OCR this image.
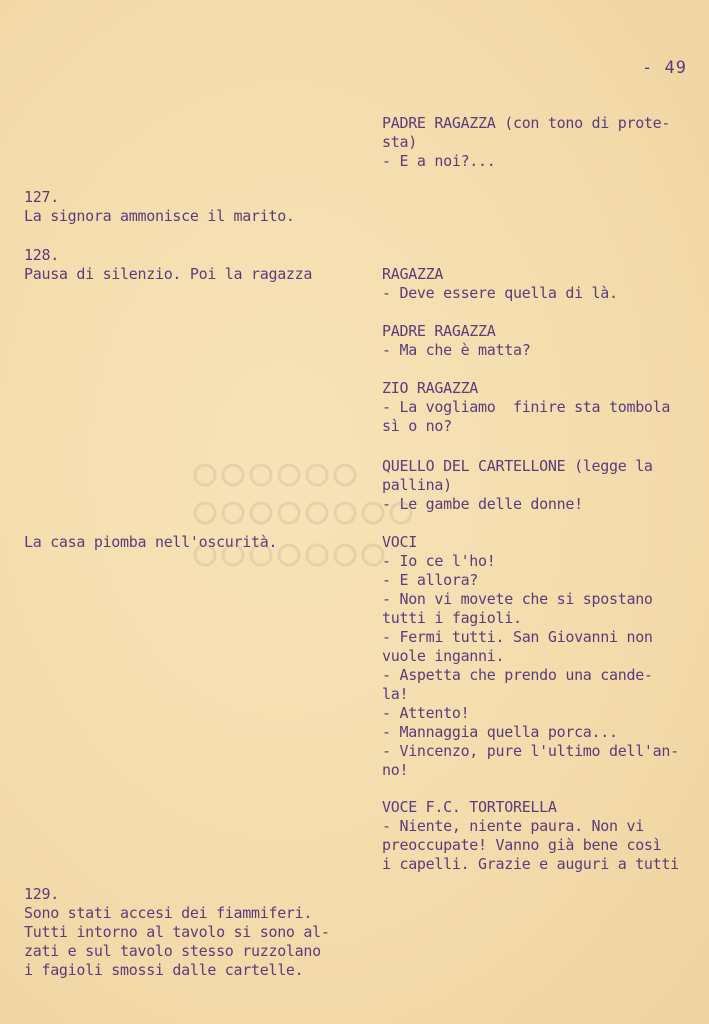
- 49
PADRE RAGAZZA (con tono di prote-
sta)
- E a noi?...
127.
La signora ammonisce il marito.
128.
Pausa di silenzio. Poi la ragazza	RAGAZZA
- Deve essere quella di là.
PADRE RAGAZZA
- Ma che è matta?
ZIO RAGAZZA
- La vogliamo  finire sta tombola
sì o no?
QUELLO DEL CARTELLONE (legge la
pallina)
- Le gambe delle donne!
La casa piomba nell'oscurità.	VOCI
- Io ce l'ho!
- E allora?
- Non vi movete che si spostano
tutti i fagioli.
- Fermi tutti. San Giovanni non
vuole inganni.
- Aspetta che prendo una cande-
la!
- Attento!
- Mannaggia quella porca...
- Vincenzo, pure l'ultimo dell'an-
no!
VOCE F.C. TORTORELLA
- Niente, niente paura. Non vi
preoccupate! Vanno già bene così
i capelli. Grazie e auguri a tutti
129.
Sono stati accesi dei fiammiferi.
Tutti intorno al tavolo si sono al-
zati e sul tavolo stesso ruzzolano
i fagioli smossi dalle cartelle.
